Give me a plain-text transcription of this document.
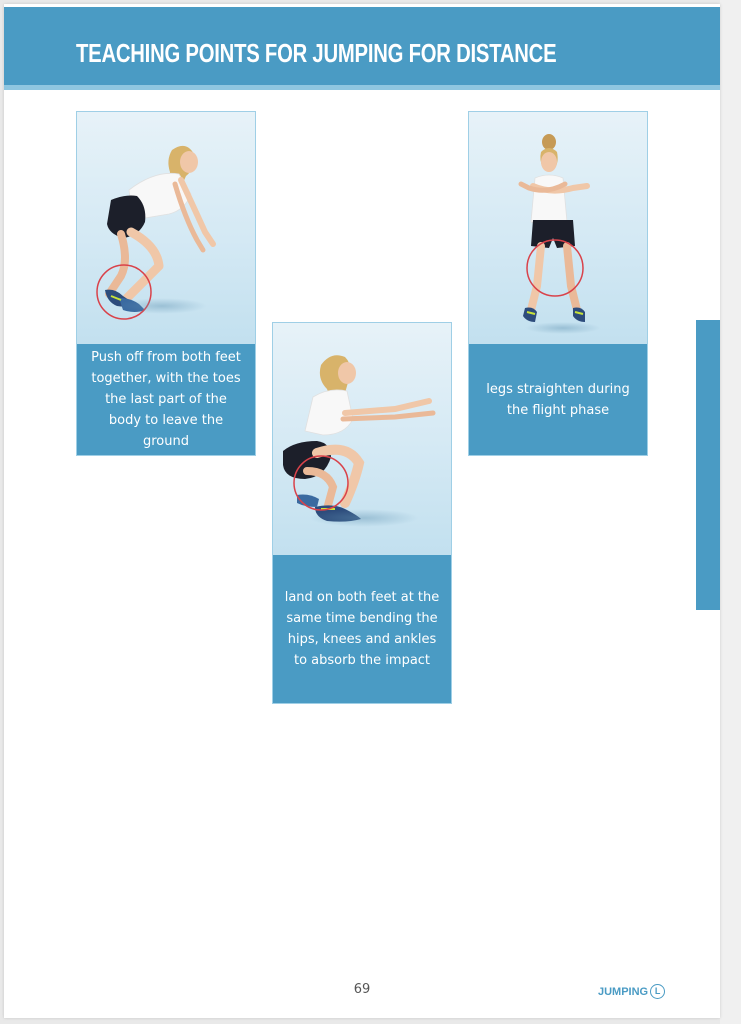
TEACHING POINTS FOR JUMPING FOR DISTANCE
Push off from both feet together, with the toes the last part of the body to leave the ground
land on both feet at the same time bending the hips, knees and ankles to absorb the impact
legs straighten during the flight phase
69	JUMPING L
